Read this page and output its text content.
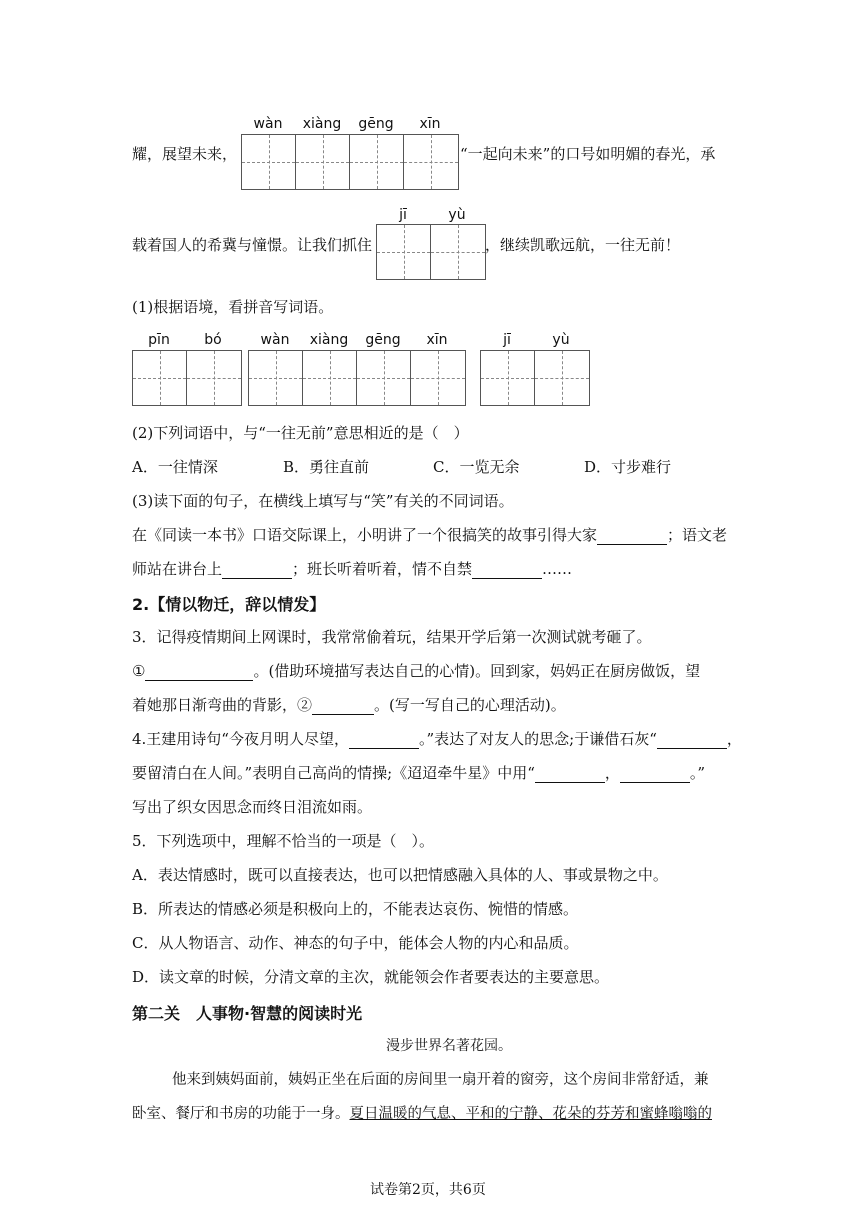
wàn	xiàng	gēng	xīn
耀，展望未来，	“一起向未来”的口号如明媚的春光，承
jī	yù
载着国人的希冀与憧憬。让我们抓住	，继续凯歌远航，一往无前！
(1)根据语境，看拼音写词语。
pīn	bó	wàn	xiàng	gēng	xīn	jī	yù
(2)下列词语中，与“一往无前”意思相近的是（　）
A．一往情深	B．勇往直前	C．一览无余	D．寸步难行
(3)读下面的句子，在横线上填写与“笑”有关的不同词语。
在《同读一本书》口语交际课上，小明讲了一个很搞笑的故事引得大家	；语文老
师站在讲台上	；班长听着听着，情不自禁	……
2.【情以物迁，辞以情发】
3．记得疫情期间上网课时，我常常偷着玩，结果开学后第一次测试就考砸了。
①	。(借助环境描写表达自己的心情)。回到家，妈妈正在厨房做饭，望
着她那日渐弯曲的背影，②	。(写一写自己的心理活动)。
4.王建用诗句“今夜月明人尽望，	。”表达了对友人的思念;于谦借石灰“	，
要留清白在人间。”表明自己高尚的情操;《迢迢牵牛星》中用“	，	。”
写出了织女因思念而终日泪流如雨。
5．下列选项中，理解不恰当的一项是（　）。
A．表达情感时，既可以直接表达，也可以把情感融入具体的人、事或景物之中。
B．所表达的情感必须是积极向上的，不能表达哀伤、惋惜的情感。
C．从人物语言、动作、神态的句子中，能体会人物的内心和品质。
D．读文章的时候，分清文章的主次，就能领会作者要表达的主要意思。
第二关　人事物·智慧的阅读时光
漫步世界名著花园。
他来到姨妈面前，姨妈正坐在后面的房间里一扇开着的窗旁，这个房间非常舒适，兼
卧室、餐厅和书房的功能于一身。夏日温暖的气息、平和的宁静、花朵的芬芳和蜜蜂嗡嗡的
试卷第2页，共6页
